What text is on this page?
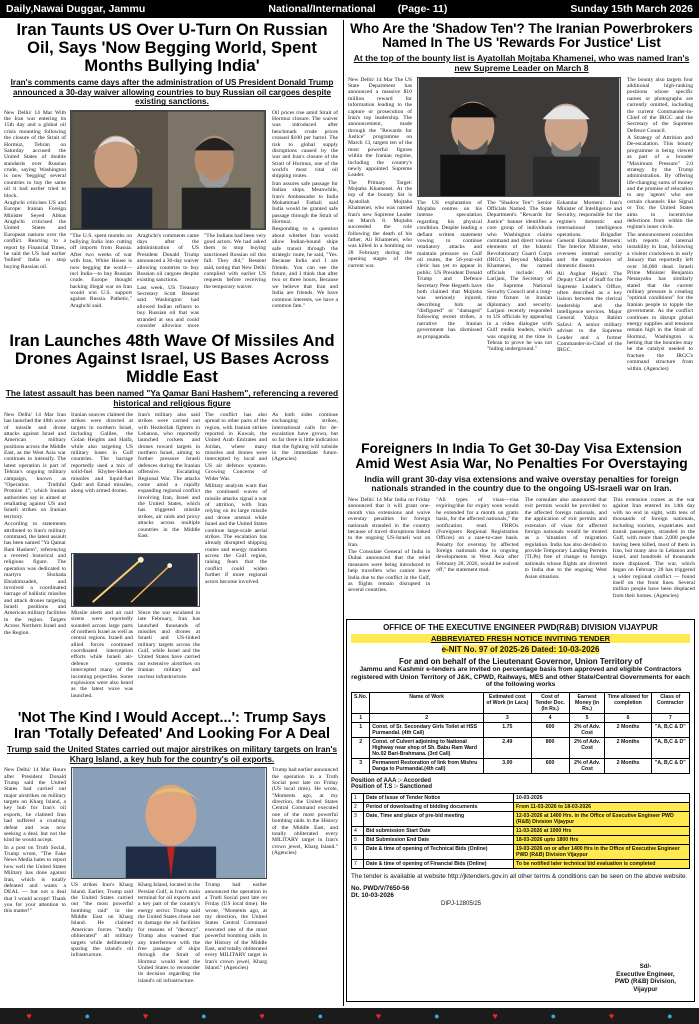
Daily,Nawai Duggar, Jammu	National/International (Page- 11)	Sunday 15th March 2026
Iran Taunts US Over U-Turn On Russian Oil, Says 'Now Begging World, Spent Months Bullying India'
Iran's comments came days after the administration of US President Donald Trump announced a 30-day waiver allowing countries to buy Russian oil cargoes despite existing sanctions.

New Delhi/ 14 Mar With the Iran war entering its 15th day and a global oil crisis mounting following the closure of the Strait of Hormuz, Tehran on Saturday accused the United States of double standards over Russian crude, saying Washington is now 'begging' several countries to buy the same oil it had earlier tried to block.

Araghchi criticises US and Europe: Iranian Foreign Minister Seyed Abbas Araghchi criticised the United States and European nations over the conflict. Reacting to a report by Financial Times, he said the US had earlier 'bullied' India to stop buying Russian oil.

"The U.S. spent months on bullying India into cutting off imports from Russia. After two weeks of war with Iran, White House is now begging the world—incl India—to buy Russian crude. Europe thought backing illegal war on Iran would win U.S. support against Russia. Pathetic," Araghchi said.

Araghchi's comments came days after the administration of US President Donald Trump announced a 30-day waiver allowing countries to buy Russian oil cargoes despite existing sanctions.

Last week, US Treasury Secretary Scott Bessent said Washington had allowed Indian refiners to buy Russian oil that was stranded at sea and could consider allowing more

"The Indians had been very good actors. We had asked them to stop buying sanctioned Russian oil this fall. They did," Bessent said, noting that New Delhi complied with earlier US requests before receiving the temporary waiver.

Oil prices rise amid Strait of Hormuz closure. The waiver was introduced after benchmark crude prices crossed $100 per barrel. The risk to global supply disruptions caused by the war and Iran's closure of the Strait of Hormuz, one of the world's most vital oil shipping routes.

Iran assures safe passage for Indian ships. Meanwhile, Iran's Ambassador to India Mohammad Fathali said India would be granted safe passage through the Strait of Hormuz.

Responding to a question about whether Iran would allow Indian-bound ships safe transit through the strategic route, he said, "Yes. Because India and I are friends. You can see the future, and I think that after two or three hours, Because we believe that Iran and India are friends. We have common interests, we have a common fate."

Iran Launches 48th Wave Of Missiles And Drones Against Israel, US Bases Across Middle East
The latest assault has been named "Ya Qamar Bani Hashem", referencing a revered historical and religious figure

New Delhi/ 14 Mar Iran has launched the 48th wave of missile and drone attacks against Israel and American military positions across the Middle East, as the West Asia war continues to intensify. The latest operation is part of Tehran's ongoing military campaign, known as "Operation Truthful Promise 4", which Iranian authorities say is aimed at retaliating against US and Israeli strikes on Iranian territory.

According to statements attributed to Iran's military command, the latest assault has been named "Ya Qamar Bani Hashem", referencing a revered historical and religious figure. The operation was dedicated to martyrs Shohada Ebrahimzadeh, and involved a coordinated barrage of ballistic missiles and attack drones targeting Israeli positions and American military facilities in the region. Targets Across Northern Israel and the Region.

Iranian sources claimed the strikes were directed at targets in northern Israel, including Galilee, the Golan Heights and Haifa, while also targeting US military bases in Gulf countries. The barrage reportedly used a mix of solid-fuel Khyber-Shekan missiles and liquid-fuel Qadr and Emad missiles, along with armed drones.

Iran's military also said strikes were carried out with Hezbollah fighters in Lebanon, who reportedly launched rockets and drones toward targets in northern Israel, aiming to further pressure Israeli defences during the Iranian offensive. Escalating Regional War. The attacks come amid a rapidly expanding regional conflict involving Iran, Israel and the United States, which has triggered missile strikes, air raids and proxy attacks across multiple countries in the Middle East.

Missile alerts and air raid sirens were reportedly sounded across large parts of northern Israel as well as central regions. Israeli and allied forces continued coordinated interception efforts while Israeli air-defence systems intercepted many of the incoming projectiles. Some explosions were also heard as the latest wave was launched.

Since the war escalated in late February, Iran has launched thousands of missiles and drones at Israeli and US-linked military targets across the Gulf, while Israel and the United States have carried out extensive airstrikes on Iranian military and nuclear infrastructure.

The conflict has also spread to other parts of the region, with Iranian strikes reported in Kuwait, the United Arab Emirates and Jordan, where many missiles and drones were intercepted by local and US air defence systems. Growing Concerns of Wider War.

Military analysts warn that the continued waves of missile attacks signal a war of attrition, with Iran relying on its large missile and drone arsenal while Israel and the United States continue large-scale aerial strikes. The escalation has already disrupted shipping routes and energy markets across the Gulf region, raising fears that the conflict could widen further if more regional actors become involved.

As both sides continue exchanging strikes, international calls for de-escalation have grown, but so far there is little indication that the fighting will subside in the immediate future. (Agencies)

'Not The Kind I Would Accept...': Trump Says Iran 'Totally Defeated' And Looking For A Deal
Trump said the United States carried out major airstrikes on military targets on Iran's Kharg Island, a key hub for the country's oil exports.

New Delhi/ 14 Mar Hours after President Donald Trump said the United States had carried out major airstrikes on military targets on Kharg Island, a key hub for Iran's oil exports, he claimed Iran had suffered a crushing defeat and was now seeking a deal, but not the kind he would accept.

In a post on Truth Social, Trump wrote, "The Fake News Media hates to report how well the United States Military has done against Iran, which is totally defeated and wants a DEAL — but not a deal that I would accept! Thank you for your attention to this matter!"

US strikes Iran's Kharg Island. Earlier, Trump said the United States carried out "the most powerful bombing raid" in the Middle East on Kharg Island. He claimed American forces "totally obliterated" all military targets while deliberately sparing the island's oil infrastructure.

Kharg Island, located in the Persian Gulf, is Iran's main terminal for oil exports and a key part of the country's energy sector. Trump said the United States chose not to damage the oil facilities for reasons of "decency". Trump also warned that any interference with the free passage of ships through the Strait of Hormuz would lead the United States to reconsider its decision regarding the island's oil infrastructure.

Trump had earlier announced the operation in a Truth Social post late on Friday (US local time). He wrote, "Moments ago, at my direction, the United States Central Command executed one of the most powerful bombing raids in the History of the Middle East, and totally obliterated every MILITARY target in Iran's crown jewel, Kharg Island." (Agencies)

Trump had earlier announced the operation in a Truth Social post late on Friday (US local time). He wrote, "Moments ago, at my direction, the United States Central Command executed one of the most powerful bombing raids in the History of the Middle East, and totally obliterated every MILITARY target in Iran's crown jewel, Kharg Island." (Agencies)

Who Are the 'Shadow Ten'? The Iranian Powerbrokers Named In The US 'Rewards For Justice' List
At the top of the bounty list is Ayatollah Mojtaba Khamenei, who was named Iran's new Supreme Leader on March 8

New Delhi/ 14 Mar The US State Department has announced a massive $10 million reward for information leading to the capture or prosecution of Iran's top leadership. The announcement, made through the "Rewards for Justice" programme on March 13, targets ten of the most powerful figures within the Iranian regime, including the country's newly appointed Supreme Leader.

The Primary Target: Mojtaba Khamenei. At the top of the bounty list is Ayatollah Mojtaba Khamenei, who was named Iran's new Supreme Leader on March 8. Mojtaba succeeded the role following the death of his father, Ali Khamenei, who was killed in a bombing on 28 February during the opening stages of the current war.

The US explanation of Mojtaba centres on his intense speculation regarding his physical condition. Despite leading a defiant written statement vowing to continue retaliatory attacks and maintain pressure on Gulf oil routes, the 56-year-old cleric has yet to appear in public. US President Donald Trump and Defence Secretary Pete Hegseth have both claimed that Mojtaba was seriously injured, describing him as "disfigured" or "damaged" following recent strikes, a narrative the Iranian government has dismissed as propaganda.

The "Shadow Ten": Senior Officials Named. The State Department's "Rewards for Justice" banner identifies a core group of individuals who Washington claims command and direct various elements of the Islamic Revolutionary Guard Corps (IRGC). Beyond Mojtaba Khamenei, the named officials include: Ali Larijani, The Secretary of the Supreme National Security Council and a long-time fixture in Iranian diplomacy and security. Larijani recently responded to US officials by appearing in a video dialogue with Gulf media leaders, which was ongoing at the time in Tehran to prove he was not "hiding underground."

Eskandar Momeni: Iran's Minister of Intelligence and Security, responsible for the regime's domestic and international intelligence operations. Brigadier General Eskandar Momeni: The Interior Minister, who oversees internal security and the suppression of domestic dissent.

Ali Asghar Hejazi: The Deputy Chief of Staff for the Supreme Leader's Office, often described as a key liaison between the clerical leadership and the intelligence services. Major General Yahya Rahim Safavi: A senior military adviser to the Supreme Leader and a former Commander-in-Chief of the IRGC.

The bounty also targets four additional high-ranking positions whose specific names or photographs are currently omitted, including the current Commander-in-Chief of the IRGC and the Secretary of the Supreme Defence Council.

A Strategy of Attrition and De-escalation. This bounty programme is being viewed as part of a broader "Maximum Pressure" 2.0 strategy by the Trump administration. By offering life-changing sums of money and the promise of relocation to any 'agents' who use certain channels like Signal or Tor, the United States aims to incentivise defections from within the regime's inner circle.

The announcement coincides with reports of internal instability in Iran, following a violent crackdown in early January that reportedly left over 36,000 dead. Israeli Prime Minister Benjamin Netanyahu has similarly stated that the current military pressure is creating "optimal conditions" for the Iranian people to topple the government. As the conflict continues to disrupt global energy supplies and tensions remain high in the Strait of Hormuz, Washington is betting that the bounties may be the catalyst needed to fracture the IRGC's command structure from within. (Agencies)

Foreigners In India To Get 30-Day Visa Extension Amid West Asia War, No Penalties For Overstaying
India will grant 30-day visa extensions and waive overstay penalties for foreign nationals stranded in the country due to the ongoing US-Israeli war on Iran.

New Delhi/ 14 Mar India on Friday announced that it will grant one-month visa extensions and waive overstay penalties for foreign nationals stranded in the country because of travel disruptions linked to the ongoing US-Israeli war on Iran.

The Consulate General of India in Dubai announced that the relief measures were being introduced to help travellers who cannot leave India due to the conflict in the Gulf, as flights remain disrupted in several countries.

"All types of visas—visa expiring/due for expiry soon would be extended for a month on gratis basis, for the affected nationals," the notification read. FRROs (Foreigners Regional Registration Offices) on a case-to-case basis. Penalty for overstay by affected foreign nationals due to ongoing developments in West Asia after February 28, 2026, would be waived off," the statement read.

The consulate also announced that exit permits would be provided to the affected foreign nationals, and the application of exit permits and extension of visas for affected foreign nationals would be treated as a 'situation of migration regulation. India has also decided to provide Temporary Landing Permits (TLPs) free of change to foreign nationals whose flights are diverted to India due to the ongoing West Asian situation.

This extension comes as the war against Iran entered its 14th day with no end in sight, with tens of thousands of foreign nationals, including tourists, expatriates and transit passengers, stranded in the Gulf, with more than 2,000 people having been killed, most of them in Iran, but many also in Lebanon and Israel, and hundreds of thousands more displaced. The war, which began on February 28 has triggered a wider regional conflict — found itself on the front lines. Several million people have been displaced from their homes. (Agencies)

OFFICE OF THE EXECUTIVE ENGINEER PWD(R&B) DIVISION VIJAYPUR
ABBREVIATED FRESH NOTICE INVITING TENDER
e-NIT No. 97 of 2025-26 Dated: 10-03-2026
For and on behalf of the Lieutenant Governor, Union Territory of
Jammu and Kashmir e-tenders are invited on percentage basis from approved and eligible Contractors registered with Union Territory of J&K, CPWD, Railways, MES and other State/Central Governments for each of the following works
S.No.	Name of Work	Estimated cost of Work (in Lacs)	Cost of Tender Doc. (In Rs.)	Earnest Money (in Rs.)	Time allowed for completion	Class of Contractor
1	2	3	4	5	6	7
1	Const. of Sr. Secondary Girls Toilet at HSS Purmandal. (4th Call)	1.75	600	2% of Adv. Cost	2 Months	"A, B,C & D"
2	Const. of Culvert adjoining to National Highway near shop of Sh. Babu Ram Ward No.02 Bari-Brahmana. (3rd Call)	2.49	800	2% of Adv. Cost	2 Months	"A, B,C & D"
3	Permanent Restoration of link from Mishru Danga to Purmandal.(4th call)	3.00	600	2% of Adv. Cost	2 Months	"A, B,C & D"
Position of AAA :- Accorded
Position of T.S :- Sanctioned
1	Date of Issue of Tender Notice	10-03-2026
2	Period of downloading of bidding documents	From 11-03-2026 to 18-03-2026
3	Date, Time and place of pre-bid meeting	12-03-2026 at 1400 Hrs. in the Office of Executive Engineer PWD (R&B) Division Vijaypur
4	Bid submission Start Date	11-03-2026 at 1000 Hrs
5	Bid Submission End Date	18-03-2026 upto 1800 Hrs
6	Date & time of opening of Technical Bids (Online)	19-03-2026 on or after 1400 Hrs in the Office of Executive Engineer PWD (R&B) Division Vijaypur
7	Date & time of opening of Financial Bids (Online)	To be notified later technical bid evaluation is completed
The tender is available at website http://jktenders.gov.in all other terms & conditions can be seen on the above website.
No. PWD/V/7650-56
Dt. 10-03-2026
DIPJ-12805/25
Sd/-
Executive Engineer,
PWD (R&B) Division,
Vijaypur
♥	●	♥	●	♥	●	♥	●	♥	●	♥	●
